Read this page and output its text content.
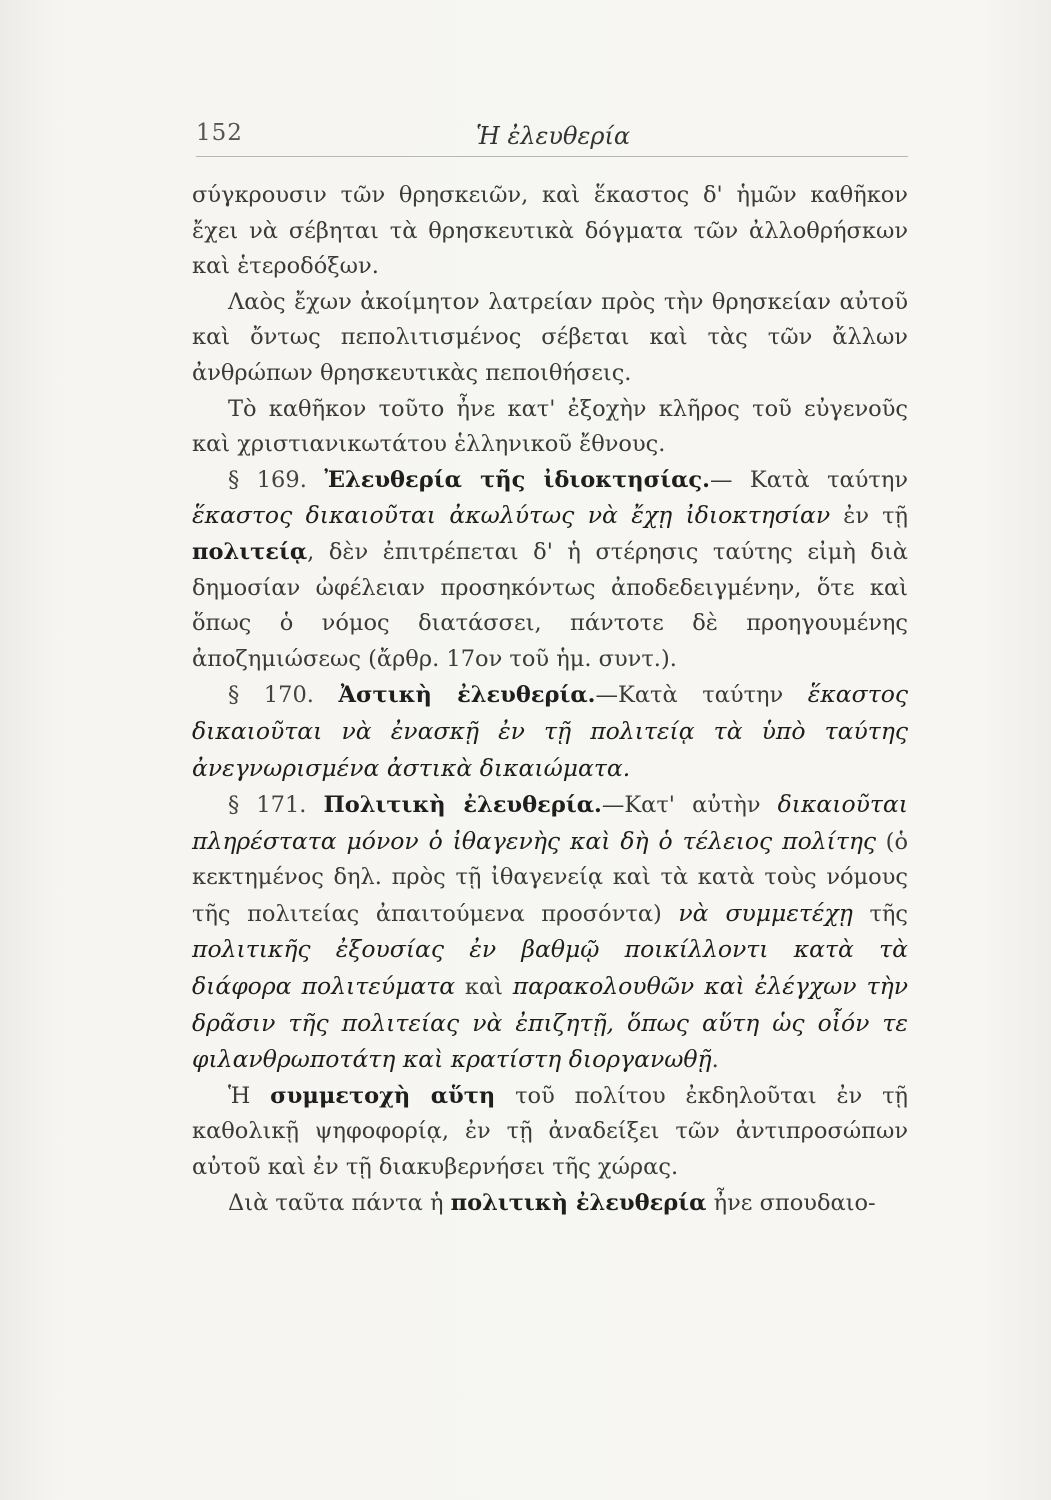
152	Ἡ ἐλευθερία

σύγκρουσιν τῶν θρησκειῶν, καὶ ἕκαστος δ' ἡμῶν καθῆκον ἔχει νὰ σέβηται τὰ θρησκευτικὰ δόγματα τῶν ἀλλοθρήσκων καὶ ἑτεροδόξων.

Λαὸς ἔχων ἀκοίμητον λατρείαν πρὸς τὴν θρησκείαν αὐτοῦ καὶ ὄντως πεπολιτισμένος σέβεται καὶ τὰς τῶν ἄλλων ἀνθρώπων θρησκευτικὰς πεποιθήσεις.

Τὸ καθῆκον τοῦτο ἦνε κατ' ἐξοχὴν κλῆρος τοῦ εὐγενοῦς καὶ χριστιανικωτάτου ἑλληνικοῦ ἔθνους.

§ 169. Ἐλευθερία τῆς ἰδιοκτησίας.— Κατὰ ταύτην ἕκαστος δικαιοῦται ἀκωλύτως νὰ ἔχῃ ἰδιοκτησίαν ἐν τῇ πολιτείᾳ, δὲν ἐπιτρέπεται δ' ἡ στέρησις ταύτης εἰμὴ διὰ δημοσίαν ὠφέλειαν προσηκόντως ἀποδεδειγμένην, ὅτε καὶ ὅπως ὁ νόμος διατάσσει, πάντοτε δὲ προηγουμένης ἀποζημιώσεως (ἄρθρ. 17ον τοῦ ἡμ. συντ.).

§ 170. Ἀστικὴ ἐλευθερία.—Κατὰ ταύτην ἕκαστος δικαιοῦται νὰ ἐνασκῇ ἐν τῇ πολιτείᾳ τὰ ὑπὸ ταύτης ἀνεγνωρισμένα ἀστικὰ δικαιώματα.

§ 171. Πολιτικὴ ἐλευθερία.—Κατ' αὐτὴν δικαιοῦται πληρέστατα μόνον ὁ ἰθαγενὴς καὶ δὴ ὁ τέλειος πολίτης (ὁ κεκτημένος δηλ. πρὸς τῇ ἰθαγενείᾳ καὶ τὰ κατὰ τοὺς νόμους τῆς πολιτείας ἀπαιτούμενα προσόντα) νὰ συμμετέχῃ τῆς πολιτικῆς ἐξουσίας ἐν βαθμῷ ποικίλλοντι κατὰ τὰ διάφορα πολιτεύματα καὶ παρακολουθῶν καὶ ἐλέγχων τὴν δρᾶσιν τῆς πολιτείας νὰ ἐπιζητῇ, ὅπως αὕτη ὡς οἷόν τε φιλανθρωποτάτη καὶ κρατίστη διοργανωθῇ.

Ἡ συμμετοχὴ αὕτη τοῦ πολίτου ἐκδηλοῦται ἐν τῇ καθολικῇ ψηφοφορίᾳ, ἐν τῇ ἀναδείξει τῶν ἀντιπροσώπων αὐτοῦ καὶ ἐν τῇ διακυβερνήσει τῆς χώρας.

Διὰ ταῦτα πάντα ἡ πολιτικὴ ἐλευθερία ἦνε σπουδαιο-
